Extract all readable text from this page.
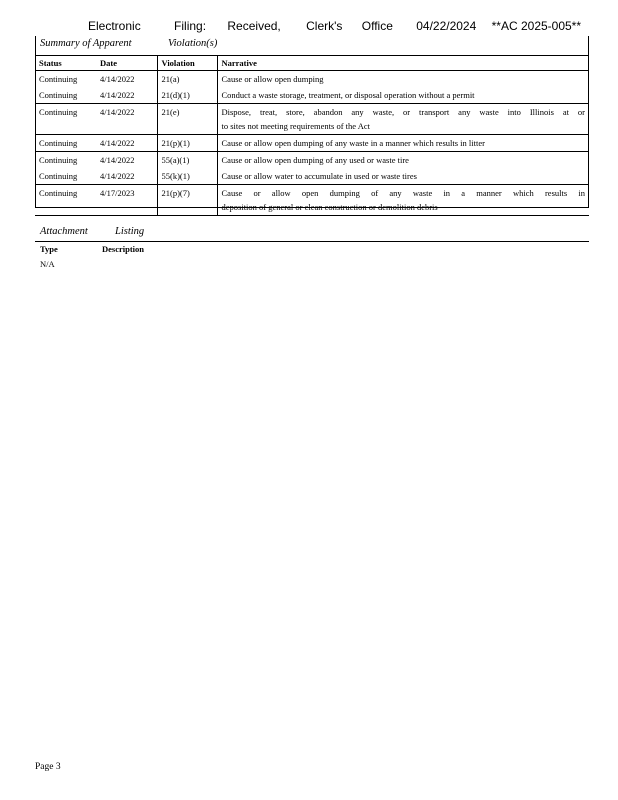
Electronic	Filing: Received, Clerk's Office 04/22/2024 **AC 2025-005**
Summary of Apparent	Violation(s)
Status	Date	Violation	Narrative
Continuing	4/14/2022	21(a)	Cause or allow open dumping

Continuing	4/14/2022	21(d)(1)	Conduct a waste storage, treatment, or disposal operation without a permit

Continuing	4/14/2022	21(e)	Dispose, treat, store, abandon any waste, or transport any waste into Illinois at or
to sites not meeting requirements of the Act

Continuing	4/14/2022	21(p)(1)	Cause or allow open dumping of any waste in a manner which results in litter

Continuing	4/14/2022	55(a)(1)	Cause or allow open dumping of any used or waste tire

Continuing	4/14/2022	55(k)(1)	Cause or allow water to accumulate in used or waste tires

Continuing	4/17/2023	21(p)(7)	Cause or allow open dumping of any waste in a manner which results in
deposition of general or clean construction or demolition debris
Attachment	Listing
Type	Description
N/A
Page 3
